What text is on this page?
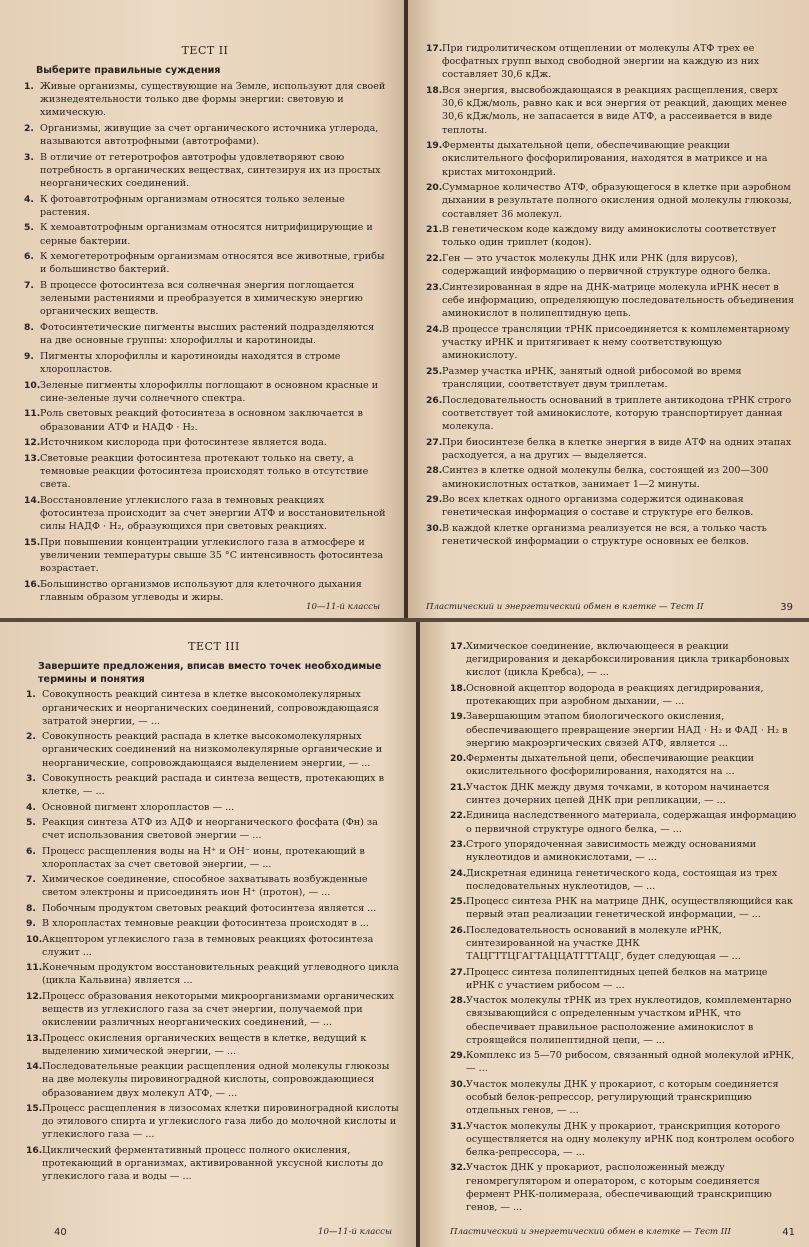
ТЕСТ II
Выберите правильные суждения
1. Живые организмы, существующие на Земле, используют для своей жизнедеятельности только две формы энергии: световую и химическую.
2. Организмы, живущие за счет органического источника углерода, называются автотрофными (автотрофами).
3. В отличие от гетеротрофов автотрофы удовлетворяют свою потребность в органических веществах, синтезируя их из простых неорганических соединений.
4. К фотоавтотрофным организмам относятся только зеленые растения.
5. К хемоавтотрофным организмам относятся нитрифицирующие и серные бактерии.
6. К хемогетеротрофным организмам относятся все животные, грибы и большинство бактерий.
7. В процессе фотосинтеза вся солнечная энергия поглощается зелеными растениями и преобразуется в химическую энергию органических веществ.
8. Фотосинтетические пигменты высших растений подразделяются на две основные группы: хлорофиллы и каротиноиды.
9. Пигменты хлорофиллы и каротиноиды находятся в строме хлоропластов.
10. Зеленые пигменты хлорофиллы поглощают в основном красные и сине-зеленые лучи солнечного спектра.
11. Роль световых реакций фотосинтеза в основном заключается в образовании АТФ и НАДФ · Н₂.
12. Источником кислорода при фотосинтезе является вода.
13. Световые реакции фотосинтеза протекают только на свету, а темновые реакции фотосинтеза происходят только в отсутствие света.
14. Восстановление углекислого газа в темновых реакциях фотосинтеза происходит за счет энергии АТФ и восстановительной силы НАДФ · Н₂, образующихся при световых реакциях.
15. При повышении концентрации углекислого газа в атмосфере и увеличении температуры свыше 35 °С интенсивность фотосинтеза возрастает.
16. Большинство организмов используют для клеточного дыхания главным образом углеводы и жиры.
10—11-й классы
17. При гидролитическом отщеплении от молекулы АТФ трех ее фосфатных групп выход свободной энергии на каждую из них составляет 30,6 кДж.
18. Вся энергия, высвобождающаяся в реакциях расщепления, сверх 30,6 кДж/моль, равно как и вся энергия от реакций, дающих менее 30,6 кДж/моль, не запасается в виде АТФ, а рассеивается в виде теплоты.
19. Ферменты дыхательной цепи, обеспечивающие реакции окислительного фосфорилирования, находятся в матриксе и на кристах митохондрий.
20. Суммарное количество АТФ, образующегося в клетке при аэробном дыхании в результате полного окисления одной молекулы глюкозы, составляет 36 молекул.
21. В генетическом коде каждому виду аминокислоты соответствует только один триплет (кодон).
22. Ген — это участок молекулы ДНК или РНК (для вирусов), содержащий информацию о первичной структуре одного белка.
23. Синтезированная в ядре на ДНК-матрице молекула иРНК несет в себе информацию, определяющую последовательность объединения аминокислот в полипептидную цепь.
24. В процессе трансляции тРНК присоединяется к комплементарному участку иРНК и притягивает к нему соответствующую аминокислоту.
25. Размер участка иРНК, занятый одной рибосомой во время трансляции, соответствует двум триплетам.
26. Последовательность оснований в триплете антикодона тРНК строго соответствует той аминокислоте, которую транспортирует данная молекула.
27. При биосинтезе белка в клетке энергия в виде АТФ на одних этапах расходуется, а на других — выделяется.
28. Синтез в клетке одной молекулы белка, состоящей из 200—300 аминокислотных остатков, занимает 1—2 минуты.
29. Во всех клетках одного организма содержится одинаковая генетическая информация о составе и структуре его белков.
30. В каждой клетке организма реализуется не вся, а только часть генетической информации о структуре основных ее белков.
Пластический и энергетический обмен в клетке — Тест II	39
ТЕСТ III
Завершите предложения, вписав вместо точек необходимые термины и понятия
1. Совокупность реакций синтеза в клетке высокомолекулярных органических и неорганических соединений, сопровождающаяся затратой энергии, — ...
2. Совокупность реакций распада в клетке высокомолекулярных органических соединений на низкомолекулярные органические и неорганические, сопровождающаяся выделением энергии, — ...
3. Совокупность реакций распада и синтеза веществ, протекающих в клетке, — ...
4. Основной пигмент хлоропластов — ...
5. Реакция синтеза АТФ из АДФ и неорганического фосфата (Фн) за счет использования световой энергии — ...
6. Процесс расщепления воды на Н⁺ и ОН⁻ ионы, протекающий в хлоропластах за счет световой энергии, — ...
7. Химическое соединение, способное захватывать возбужденные светом электроны и присоединять ион Н⁺ (протон), — ...
8. Побочным продуктом световых реакций фотосинтеза является ...
9. В хлоропластах темновые реакции фотосинтеза происходят в ...
10. Акцептором углекислого газа в темновых реакциях фотосинтеза служит ...
11. Конечным продуктом восстановительных реакций углеводного цикла (цикла Кальвина) является ...
12. Процесс образования некоторыми микроорганизмами органических веществ из углекислого газа за счет энергии, получаемой при окислении различных неорганических соединений, — ...
13. Процесс окисления органических веществ в клетке, ведущий к выделению химической энергии, — ...
14. Последовательные реакции расщепления одной молекулы глюкозы на две молекулы пировиноградной кислоты, сопровождающиеся образованием двух молекул АТФ, — ...
15. Процесс расщепления в лизосомах клетки пировиноградной кислоты до этилового спирта и углекислого газа либо до молочной кислоты и углекислого газа — ...
16. Циклический ферментативный процесс полного окисления, протекающий в организмах, активированной уксусной кислоты до углекислого газа и воды — ...
40	10—11-й классы
17. Химическое соединение, включающееся в реакции дегидрирования и декарбоксилирования цикла трикарбоновых кислот (цикла Кребса), — ...
18. Основной акцептор водорода в реакциях дегидрирования, протекающих при аэробном дыхании, — ...
19. Завершающим этапом биологического окисления, обеспечивающего превращение энергии НАД · Н₂ и ФАД · Н₂ в энергию макроэргических связей АТФ, является ...
20. Ферменты дыхательной цепи, обеспечивающие реакции окислительного фосфорилирования, находятся на ...
21. Участок ДНК между двумя точками, в котором начинается синтез дочерних цепей ДНК при репликации, — ...
22. Единица наследственного материала, содержащая информацию о первичной структуре одного белка, — ...
23. Строго упорядоченная зависимость между основаниями нуклеотидов и аминокислотами, — ...
24. Дискретная единица генетического кода, состоящая из трех последовательных нуклеотидов, — ...
25. Процесс синтеза РНК на матрице ДНК, осуществляющийся как первый этап реализации генетической информации, — ...
26. Последовательность оснований в молекуле иРНК, синтезированной на участке ДНК ТАЦГТТЦГАГТАЦЦАТГТТАЦГ, будет следующая — ...
27. Процесс синтеза полипептидных цепей белков на матрице иРНК с участием рибосом — ...
28. Участок молекулы тРНК из трех нуклеотидов, комплементарно связывающийся с определенным участком иРНК, что обеспечивает правильное расположение аминокислот в строящейся полипептидной цепи, — ...
29. Комплекс из 5—70 рибосом, связанный одной молекулой иРНК, — ...
30. Участок молекулы ДНК у прокариот, с которым соединяется особый белок-репрессор, регулирующий транскрипцию отдельных генов, — ...
31. Участок молекулы ДНК у прокариот, транскрипция которого осуществляется на одну молекулу иРНК под контролем особого белка-репрессора, — ...
32. Участок ДНК у прокариот, расположенный между геномрегулятором и оператором, с которым соединяется фермент РНК-полимераза, обеспечивающий транскрипцию генов, — ...
Пластический и энергетический обмен в клетке — Тест III	41
